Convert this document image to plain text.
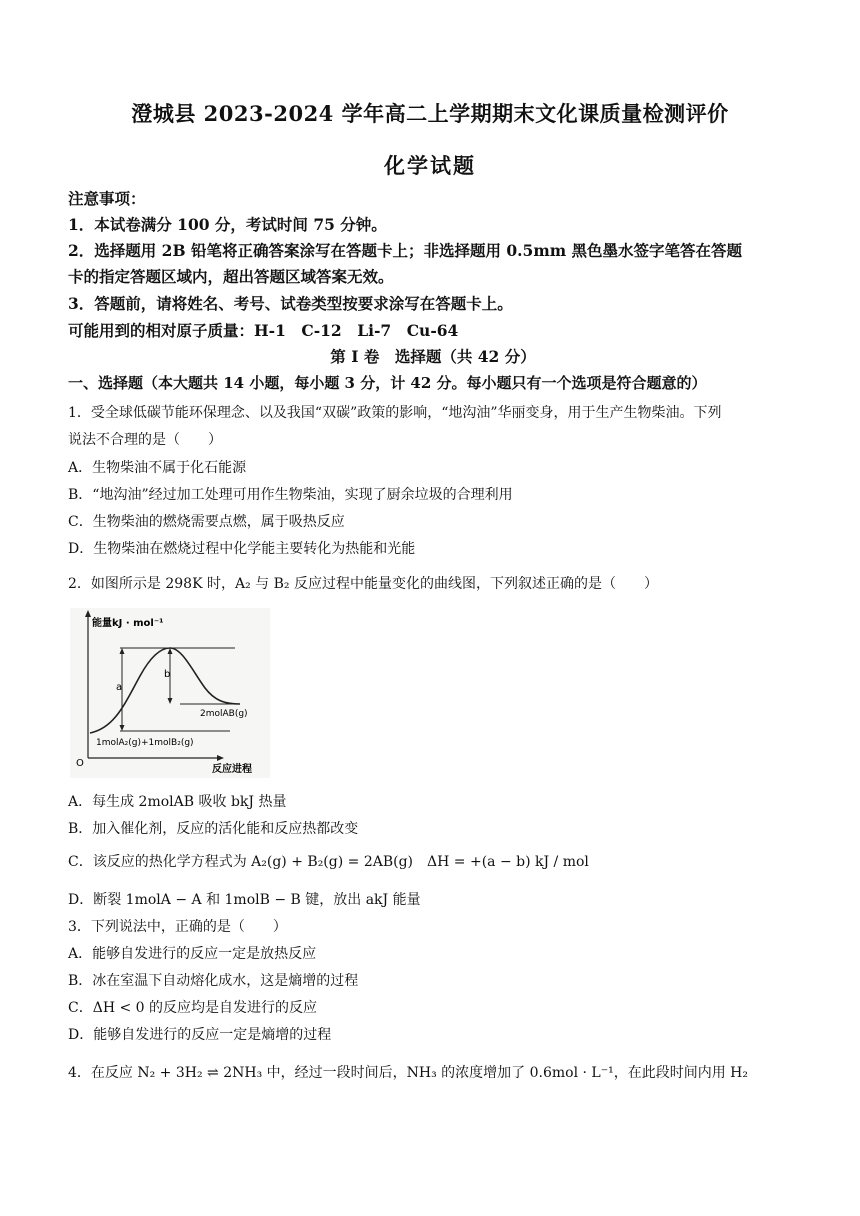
澄城县 2023-2024 学年高二上学期期末文化课质量检测评价
化学试题
注意事项：
1．本试卷满分 100 分，考试时间 75 分钟。
2．选择题用 2B 铅笔将正确答案涂写在答题卡上；非选择题用 0.5mm 黑色墨水签字笔答在答题
卡的指定答题区域内，超出答题区域答案无效。
3．答题前，请将姓名、考号、试卷类型按要求涂写在答题卡上。
可能用到的相对原子质量：H-1　C-12　Li-7　Cu-64
第 Ⅰ 卷　选择题（共 42 分）
一、选择题（本大题共 14 小题，每小题 3 分，计 42 分。每小题只有一个选项是符合题意的）
1．受全球低碳节能环保理念、以及我国“双碳”政策的影响，“地沟油”华丽变身，用于生产生物柴油。下列
说法不合理的是（　　）
A．生物柴油不属于化石能源
B．“地沟油”经过加工处理可用作生物柴油，实现了厨余垃圾的合理利用
C．生物柴油的燃烧需要点燃，属于吸热反应
D．生物柴油在燃烧过程中化学能主要转化为热能和光能
2．如图所示是 298K 时，A₂ 与 B₂ 反应过程中能量变化的曲线图，下列叙述正确的是（　　）
能量kJ · mol⁻¹
a
b
2molAB(g)
1molA₂(g)+1molB₂(g)
O
反应进程
A．每生成 2molAB 吸收 bkJ 热量
B．加入催化剂，反应的活化能和反应热都改变
C．该反应的热化学方程式为 A₂(g) + B₂(g) = 2AB(g)　ΔH = +(a − b) kJ / mol
D．断裂 1molA − A 和 1molB − B 键，放出 akJ 能量
3．下列说法中，正确的是（　　）
A．能够自发进行的反应一定是放热反应
B．冰在室温下自动熔化成水，这是熵增的过程
C．ΔH < 0 的反应均是自发进行的反应
D．能够自发进行的反应一定是熵增的过程
4．在反应 N₂ + 3H₂ ⇌ 2NH₃ 中，经过一段时间后，NH₃ 的浓度增加了 0.6mol · L⁻¹，在此段时间内用 H₂
